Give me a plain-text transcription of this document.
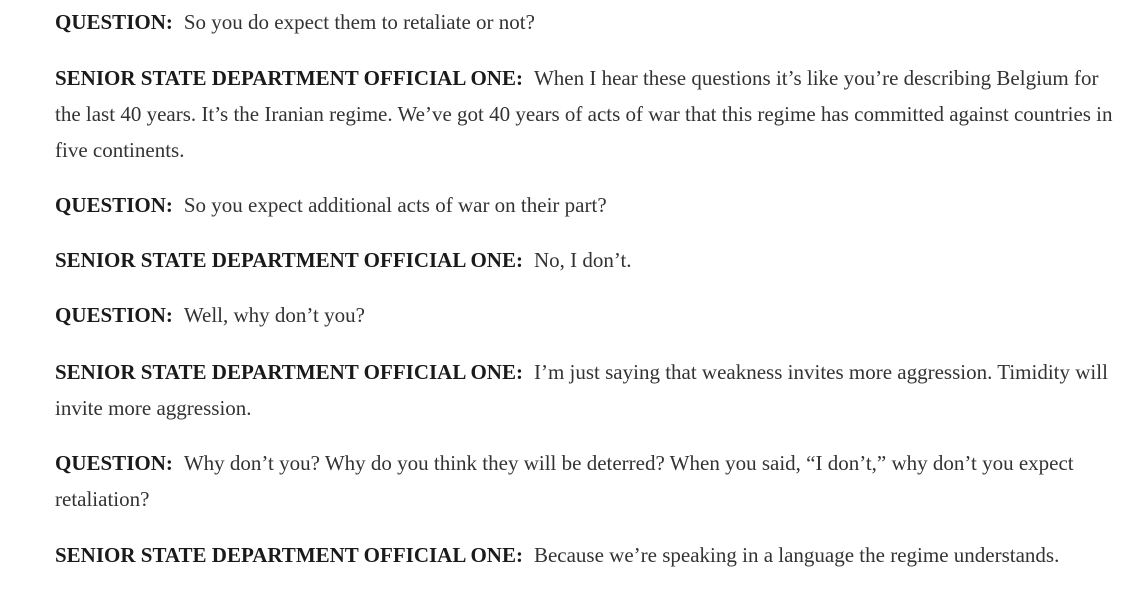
QUESTION: So you do expect them to retaliate or not?

SENIOR STATE DEPARTMENT OFFICIAL ONE: When I hear these questions it’s like you’re describing Belgium for the last 40 years. It’s the Iranian regime. We’ve got 40 years of acts of war that this regime has committed against countries in five continents.

QUESTION: So you expect additional acts of war on their part?

SENIOR STATE DEPARTMENT OFFICIAL ONE: No, I don’t.

QUESTION: Well, why don’t you?

SENIOR STATE DEPARTMENT OFFICIAL ONE: I’m just saying that weakness invites more aggression. Timidity will invite more aggression.

QUESTION: Why don’t you? Why do you think they will be deterred? When you said, “I don’t,” why don’t you expect retaliation?

SENIOR STATE DEPARTMENT OFFICIAL ONE: Because we’re speaking in a language the regime understands.
